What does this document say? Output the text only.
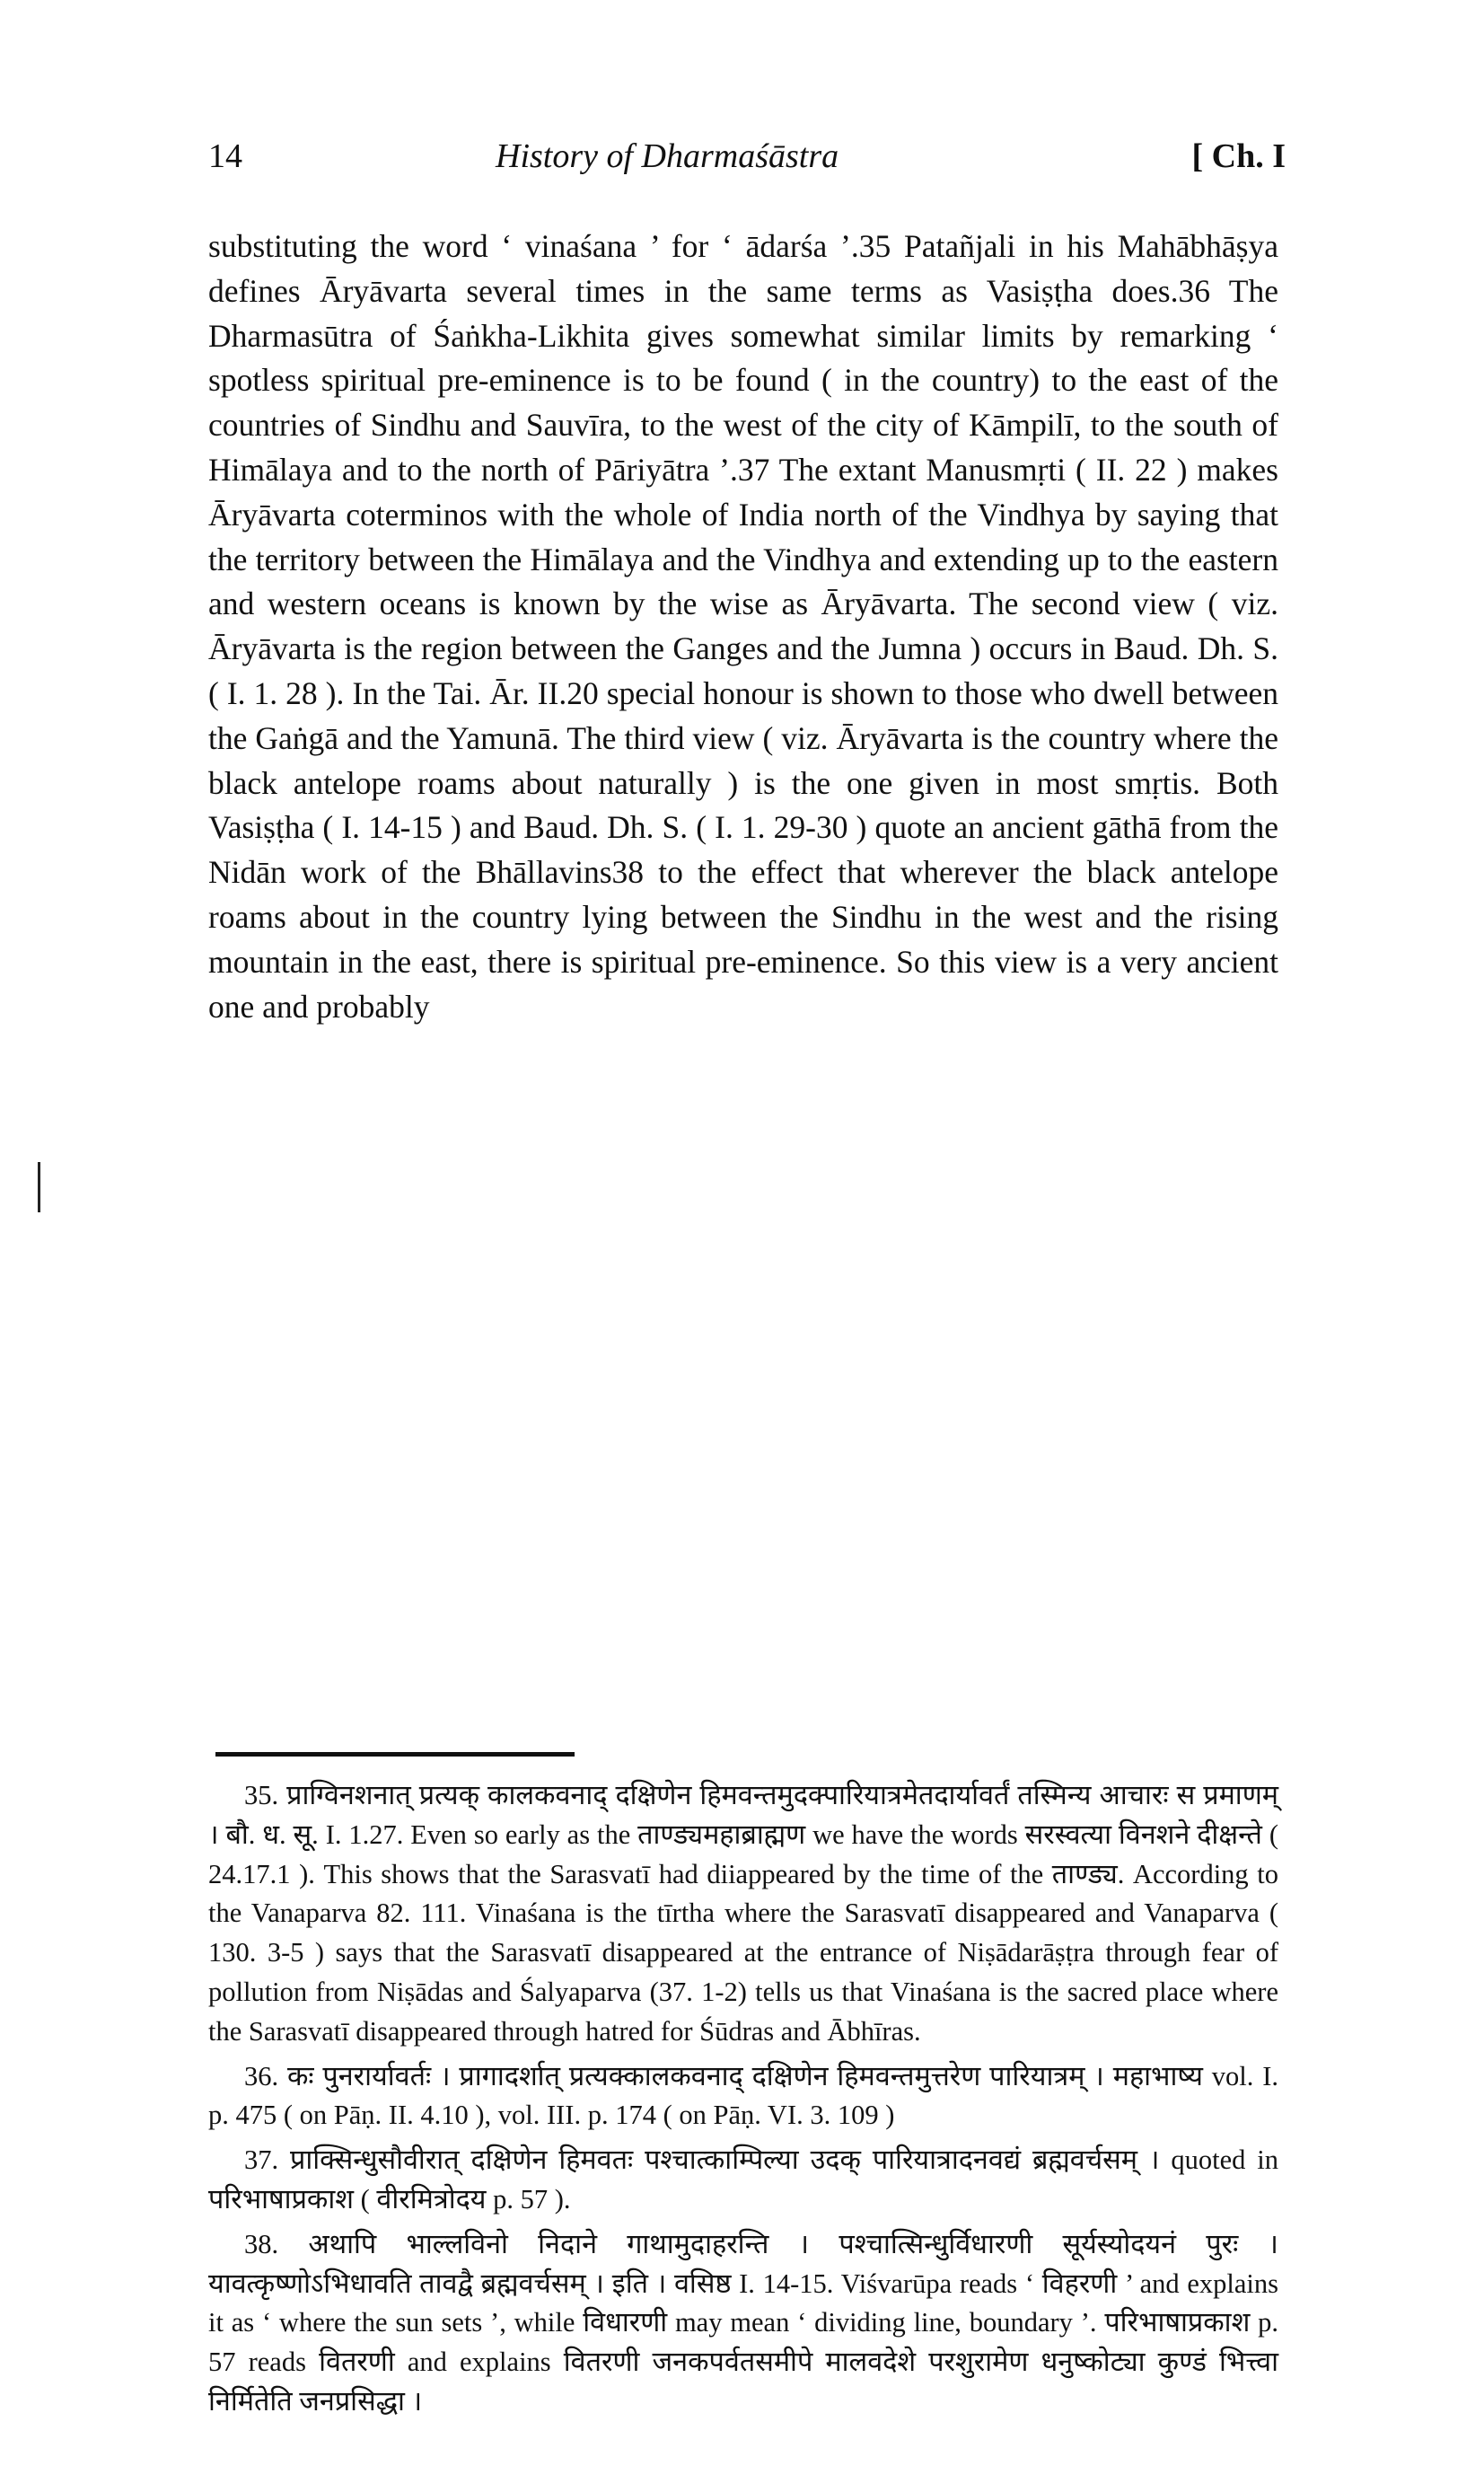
14	History of Dharmaśāstra	[ Ch. I

substituting the word ‘ vinaśana ’ for ‘ ādarśa ’.35 Patañjali in his Mahābhāṣya defines Āryāvarta several times in the same terms as Vasiṣṭha does.36 The Dharmasūtra of Śaṅkha-Likhita gives somewhat similar limits by remarking ‘ spotless spiritual pre-eminence is to be found ( in the country) to the east of the countries of Sindhu and Sauvīra, to the west of the city of Kāmpilī, to the south of Himālaya and to the north of Pāriyātra ’.37 The extant Manusmṛti ( II. 22 ) makes Āryāvarta coterminos with the whole of India north of the Vindhya by saying that the territory between the Himālaya and the Vindhya and extending up to the eastern and western oceans is known by the wise as Āryāvarta. The second view ( viz. Āryāvarta is the region between the Ganges and the Jumna ) occurs in Baud. Dh. S. ( I. 1. 28 ). In the Tai. Ār. II.20 special honour is shown to those who dwell between the Gaṅgā and the Yamunā. The third view ( viz. Āryāvarta is the country where the black antelope roams about naturally ) is the one given in most smṛtis. Both Vasiṣṭha ( I. 14-15 ) and Baud. Dh. S. ( I. 1. 29-30 ) quote an ancient gāthā from the Nidān work of the Bhāllavins38 to the effect that wherever the black antelope roams about in the country lying between the Sindhu in the west and the rising mountain in the east, there is spiritual pre-eminence. So this view is a very ancient one and probably

35. प्राग्विनशनात् प्रत्यक् कालकवनाद् दक्षिणेन हिमवन्तमुदक्पारियात्रमेतदार्यावर्तं तस्मिन्य आचारः स प्रमाणम् । बौ. ध. सू. I. 1.27. Even so early as the ताण्ड्यमहाब्राह्मण we have the words सरस्वत्या विनशने दीक्षन्ते ( 24.17.1 ). This shows that the Sarasvatī had diiappeared by the time of the ताण्ड्य. According to the Vanaparva 82. 111. Vinaśana is the tīrtha where the Sarasvatī disappeared and Vanaparva ( 130. 3-5 ) says that the Sarasvatī disappeared at the entrance of Niṣādarāṣṭra through fear of pollution from Niṣādas and Śalyaparva (37. 1-2) tells us that Vinaśana is the sacred place where the Sarasvatī disappeared through hatred for Śūdras and Ābhīras.

36. कः पुनरार्यावर्तः । प्रागादर्शात् प्रत्यक्कालकवनाद् दक्षिणेन हिमवन्तमुत्तरेण पारियात्रम् । महाभाष्य vol. I. p. 475 ( on Pāṇ. II. 4.10 ), vol. III. p. 174 ( on Pāṇ. VI. 3. 109 )

37. प्राक्सिन्धुसौवीरात् दक्षिणेन हिमवतः पश्चात्काम्पिल्या उदक् पारियात्रादनवद्यं ब्रह्मवर्चसम् । quoted in परिभाषाप्रकाश ( वीरमित्रोदय p. 57 ).

38. अथापि भाल्लविनो निदाने गाथामुदाहरन्ति । पश्चात्सिन्धुर्विधारणी सूर्यस्योदयनं पुरः । यावत्कृष्णोऽभिधावति तावद्वै ब्रह्मवर्चसम् । इति । वसिष्ठ I. 14-15. Viśvarūpa reads ‘ विहरणी ’ and explains it as ‘ where the sun sets ’, while विधारणी may mean ‘ dividing line, boundary ’. परिभाषाप्रकाश p. 57 reads वितरणी and explains वितरणी जनकपर्वतसमीपे मालवदेशे परशुरामेण धनुष्कोट्या कुण्डं भित्त्वा निर्मितेति जनप्रसिद्धा ।
